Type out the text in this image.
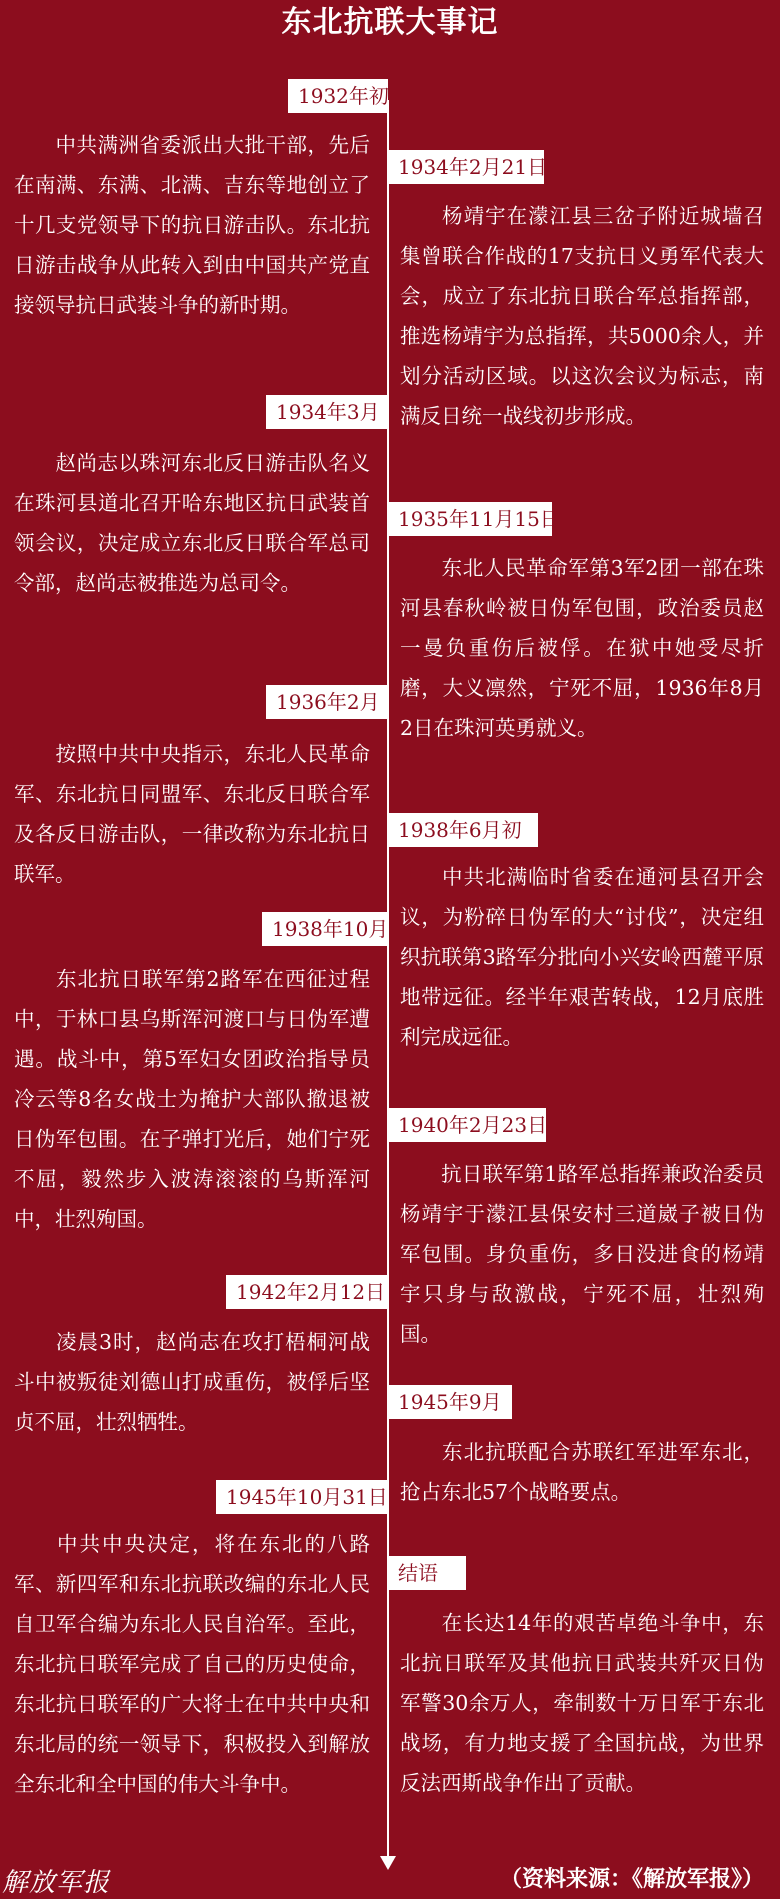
东北抗联大事记
1932年初

中共满洲省委派出大批干部，先后在南满、东满、北满、吉东等地创立了十几支党领导下的抗日游击队。东北抗日游击战争从此转入到由中国共产党直接领导抗日武装斗争的新时期。

1934年2月21日

杨靖宇在濛江县三岔子附近城墙召集曾联合作战的17支抗日义勇军代表大会，成立了东北抗日联合军总指挥部，推选杨靖宇为总指挥，共5000余人，并划分活动区域。以这次会议为标志，南满反日统一战线初步形成。

1934年3月

赵尚志以珠河东北反日游击队名义在珠河县道北召开哈东地区抗日武装首领会议，决定成立东北反日联合军总司令部，赵尚志被推选为总司令。

1935年11月15日

东北人民革命军第3军2团一部在珠河县春秋岭被日伪军包围，政治委员赵一曼负重伤后被俘。在狱中她受尽折磨，大义凛然，宁死不屈，1936年8月2日在珠河英勇就义。

1936年2月

按照中共中央指示，东北人民革命军、东北抗日同盟军、东北反日联合军及各反日游击队，一律改称为东北抗日联军。

1938年6月初

中共北满临时省委在通河县召开会议，为粉碎日伪军的大“讨伐”，决定组织抗联第3路军分批向小兴安岭西麓平原地带远征。经半年艰苦转战，12月底胜利完成远征。

1938年10月

东北抗日联军第2路军在西征过程中，于林口县乌斯浑河渡口与日伪军遭遇。战斗中，第5军妇女团政治指导员冷云等8名女战士为掩护大部队撤退被日伪军包围。在子弹打光后，她们宁死不屈，毅然步入波涛滚滚的乌斯浑河中，壮烈殉国。

1940年2月23日

抗日联军第1路军总指挥兼政治委员杨靖宇于濛江县保安村三道崴子被日伪军包围。身负重伤，多日没进食的杨靖宇只身与敌激战，宁死不屈，壮烈殉国。

1942年2月12日

凌晨3时，赵尚志在攻打梧桐河战斗中被叛徒刘德山打成重伤，被俘后坚贞不屈，壮烈牺牲。

1945年9月

东北抗联配合苏联红军进军东北，抢占东北57个战略要点。

1945年10月31日

中共中央决定，将在东北的八路军、新四军和东北抗联改编的东北人民自卫军合编为东北人民自治军。至此，东北抗日联军完成了自己的历史使命，东北抗日联军的广大将士在中共中央和东北局的统一领导下，积极投入到解放全东北和全中国的伟大斗争中。

结语

在长达14年的艰苦卓绝斗争中，东北抗日联军及其他抗日武装共歼灭日伪军警30余万人，牵制数十万日军于东北战场，有力地支援了全国抗战，为世界反法西斯战争作出了贡献。

解放军报	（资料来源：《解放军报》）
